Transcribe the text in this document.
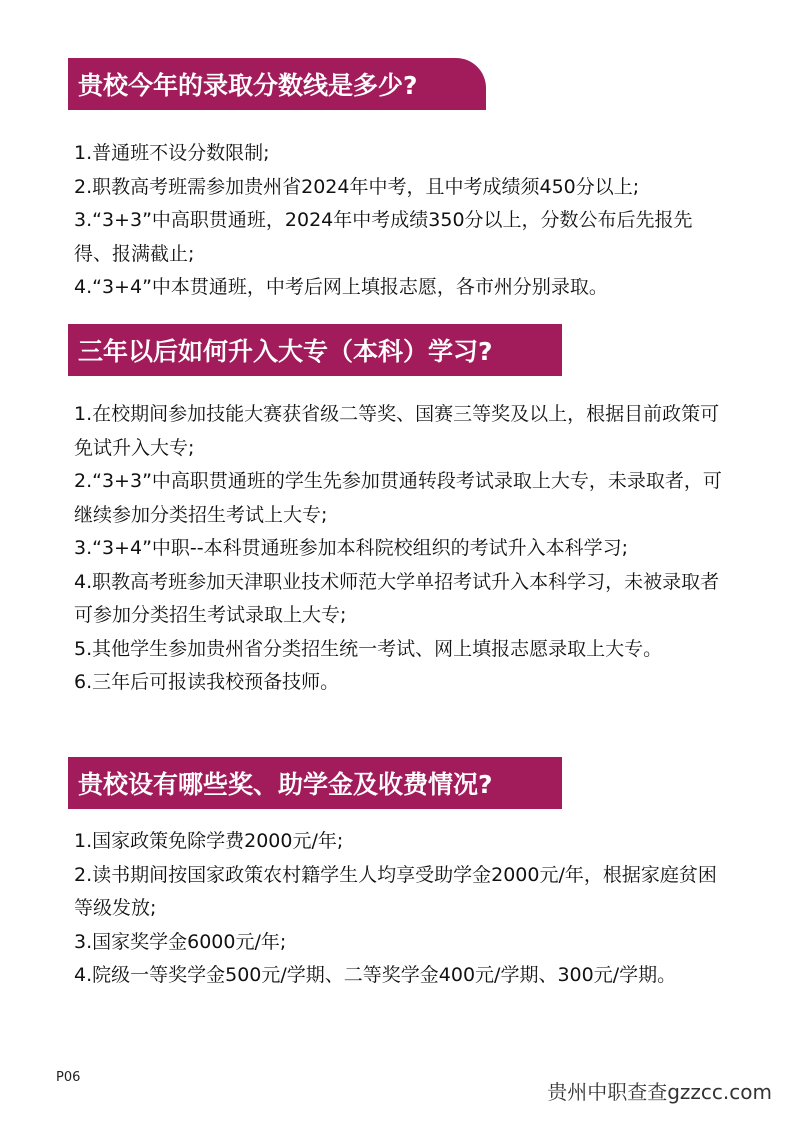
贵校今年的录取分数线是多少?

1.普通班不设分数限制;

2.职教高考班需参加贵州省2024年中考，且中考成绩须450分以上;

3.“3+3”中高职贯通班，2024年中考成绩350分以上，分数公布后先报先得、报满截止;

4.“3+4”中本贯通班，中考后网上填报志愿，各市州分别录取。

三年以后如何升入大专（本科）学习?

1.在校期间参加技能大赛获省级二等奖、国赛三等奖及以上，根据目前政策可免试升入大专;

2.“3+3”中高职贯通班的学生先参加贯通转段考试录取上大专，未录取者，可继续参加分类招生考试上大专;

3.“3+4”中职--本科贯通班参加本科院校组织的考试升入本科学习;

4.职教高考班参加天津职业技术师范大学单招考试升入本科学习，未被录取者可参加分类招生考试录取上大专;

5.其他学生参加贵州省分类招生统一考试、网上填报志愿录取上大专。

6.三年后可报读我校预备技师。

贵校设有哪些奖、助学金及收费情况?

1.国家政策免除学费2000元/年;

2.读书期间按国家政策农村籍学生人均享受助学金2000元/年，根据家庭贫困等级发放;

3.国家奖学金6000元/年;

4.院级一等奖学金500元/学期、二等奖学金400元/学期、300元/学期。

P06
贵州中职查查gzzcc.com
